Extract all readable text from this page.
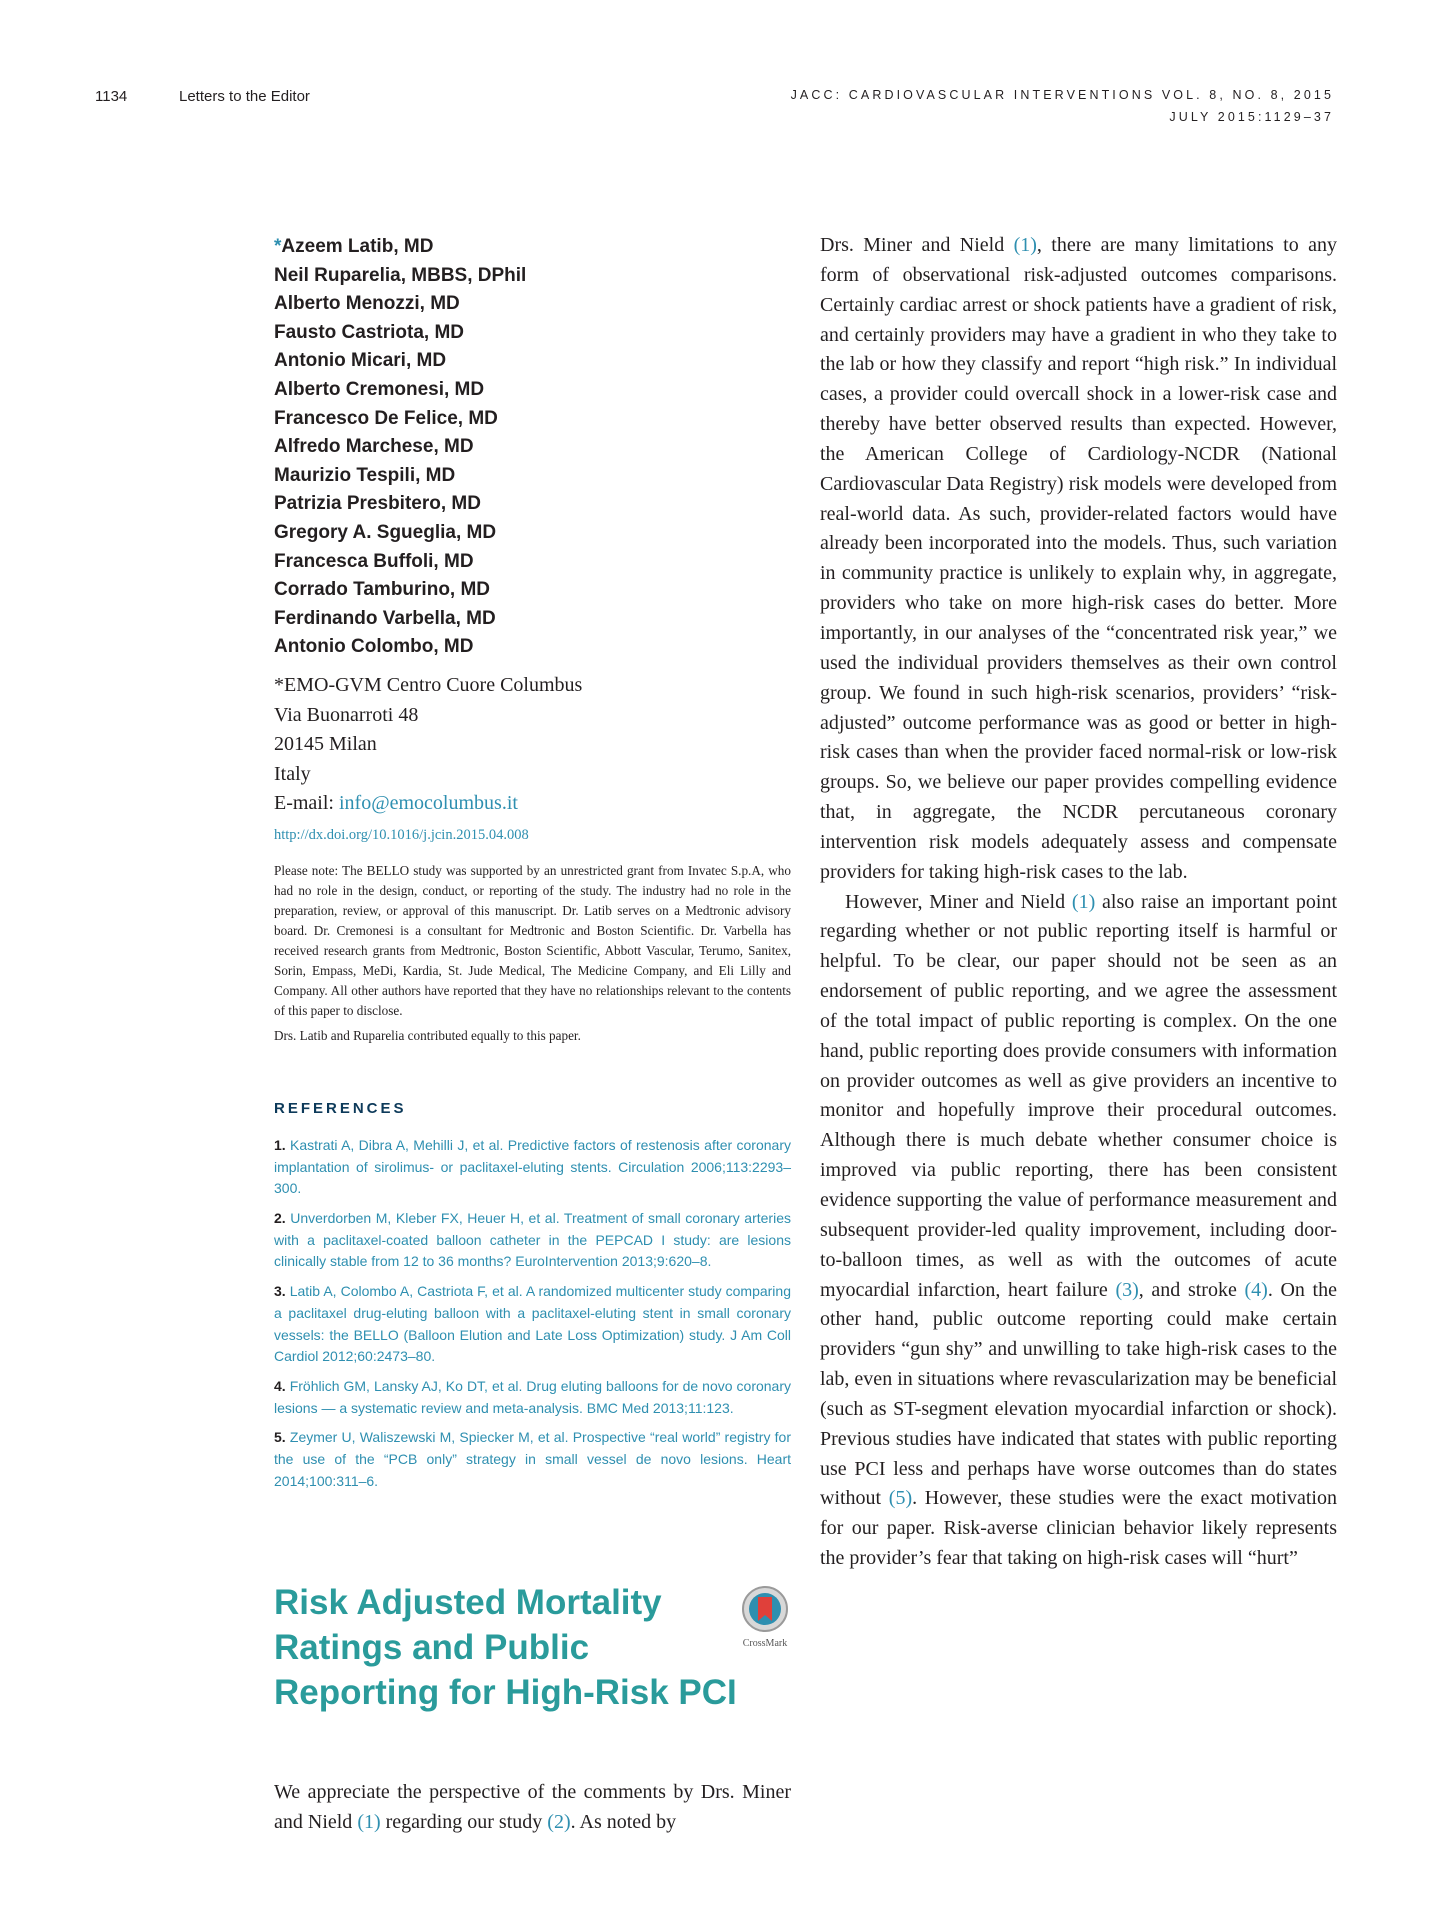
1134	Letters to the Editor	JACC: CARDIOVASCULAR INTERVENTIONS VOL. 8, NO. 8, 2015
JULY 2015:1129–37
*Azeem Latib, MD
Neil Ruparelia, MBBS, DPhil
Alberto Menozzi, MD
Fausto Castriota, MD
Antonio Micari, MD
Alberto Cremonesi, MD
Francesco De Felice, MD
Alfredo Marchese, MD
Maurizio Tespili, MD
Patrizia Presbitero, MD
Gregory A. Sgueglia, MD
Francesca Buffoli, MD
Corrado Tamburino, MD
Ferdinando Varbella, MD
Antonio Colombo, MD
*EMO-GVM Centro Cuore Columbus
Via Buonarroti 48
20145 Milan
Italy
E-mail: info@emocolumbus.it
http://dx.doi.org/10.1016/j.jcin.2015.04.008
Please note: The BELLO study was supported by an unrestricted grant from Invatec S.p.A, who had no role in the design, conduct, or reporting of the study. The industry had no role in the preparation, review, or approval of this manuscript. Dr. Latib serves on a Medtronic advisory board. Dr. Cremonesi is a consultant for Medtronic and Boston Scientific. Dr. Varbella has received research grants from Medtronic, Boston Scientific, Abbott Vascular, Terumo, Sanitex, Sorin, Empass, MeDi, Kardia, St. Jude Medical, The Medicine Company, and Eli Lilly and Company. All other authors have reported that they have no relationships relevant to the contents of this paper to disclose.
Drs. Latib and Ruparelia contributed equally to this paper.
REFERENCES
1. Kastrati A, Dibra A, Mehilli J, et al. Predictive factors of restenosis after coronary implantation of sirolimus- or paclitaxel-eluting stents. Circulation 2006;113:2293–300.
2. Unverdorben M, Kleber FX, Heuer H, et al. Treatment of small coronary arteries with a paclitaxel-coated balloon catheter in the PEPCAD I study: are lesions clinically stable from 12 to 36 months? EuroIntervention 2013;9:620–8.
3. Latib A, Colombo A, Castriota F, et al. A randomized multicenter study comparing a paclitaxel drug-eluting balloon with a paclitaxel-eluting stent in small coronary vessels: the BELLO (Balloon Elution and Late Loss Optimization) study. J Am Coll Cardiol 2012;60:2473–80.
4. Fröhlich GM, Lansky AJ, Ko DT, et al. Drug eluting balloons for de novo coronary lesions — a systematic review and meta-analysis. BMC Med 2013;11:123.
5. Zeymer U, Waliszewski M, Spiecker M, et al. Prospective “real world” registry for the use of the “PCB only” strategy in small vessel de novo lesions. Heart 2014;100:311–6.
Risk Adjusted Mortality Ratings and Public Reporting for High-Risk PCI
CrossMark
We appreciate the perspective of the comments by Drs. Miner and Nield (1) regarding our study (2). As noted by

Drs. Miner and Nield (1), there are many limitations to any form of observational risk-adjusted outcomes comparisons. Certainly cardiac arrest or shock patients have a gradient of risk, and certainly providers may have a gradient in who they take to the lab or how they classify and report “high risk.” In individual cases, a provider could overcall shock in a lower-risk case and thereby have better observed results than expected. However, the American College of Cardiology-NCDR (National Cardiovascular Data Registry) risk models were developed from real-world data. As such, provider-related factors would have already been incorporated into the models. Thus, such variation in community practice is unlikely to explain why, in aggregate, providers who take on more high-risk cases do better. More importantly, in our analyses of the “concentrated risk year,” we used the individual providers themselves as their own control group. We found in such high-risk scenarios, providers’ “risk-adjusted” outcome performance was as good or better in high-risk cases than when the provider faced normal-risk or low-risk groups. So, we believe our paper provides compelling evidence that, in aggregate, the NCDR percutaneous coronary intervention risk models adequately assess and compensate providers for taking high-risk cases to the lab.

However, Miner and Nield (1) also raise an important point regarding whether or not public reporting itself is harmful or helpful. To be clear, our paper should not be seen as an endorsement of public reporting, and we agree the assessment of the total impact of public reporting is complex. On the one hand, public reporting does provide consumers with information on provider outcomes as well as give providers an incentive to monitor and hopefully improve their procedural outcomes. Although there is much debate whether consumer choice is improved via public reporting, there has been consistent evidence supporting the value of performance measurement and subsequent provider-led quality improvement, including door-to-balloon times, as well as with the outcomes of acute myocardial infarction, heart failure (3), and stroke (4). On the other hand, public outcome reporting could make certain providers “gun shy” and unwilling to take high-risk cases to the lab, even in situations where revascularization may be beneficial (such as ST-segment elevation myocardial infarction or shock). Previous studies have indicated that states with public reporting use PCI less and perhaps have worse outcomes than do states without (5). However, these studies were the exact motivation for our paper. Risk-averse clinician behavior likely represents the provider’s fear that taking on high-risk cases will “hurt”
